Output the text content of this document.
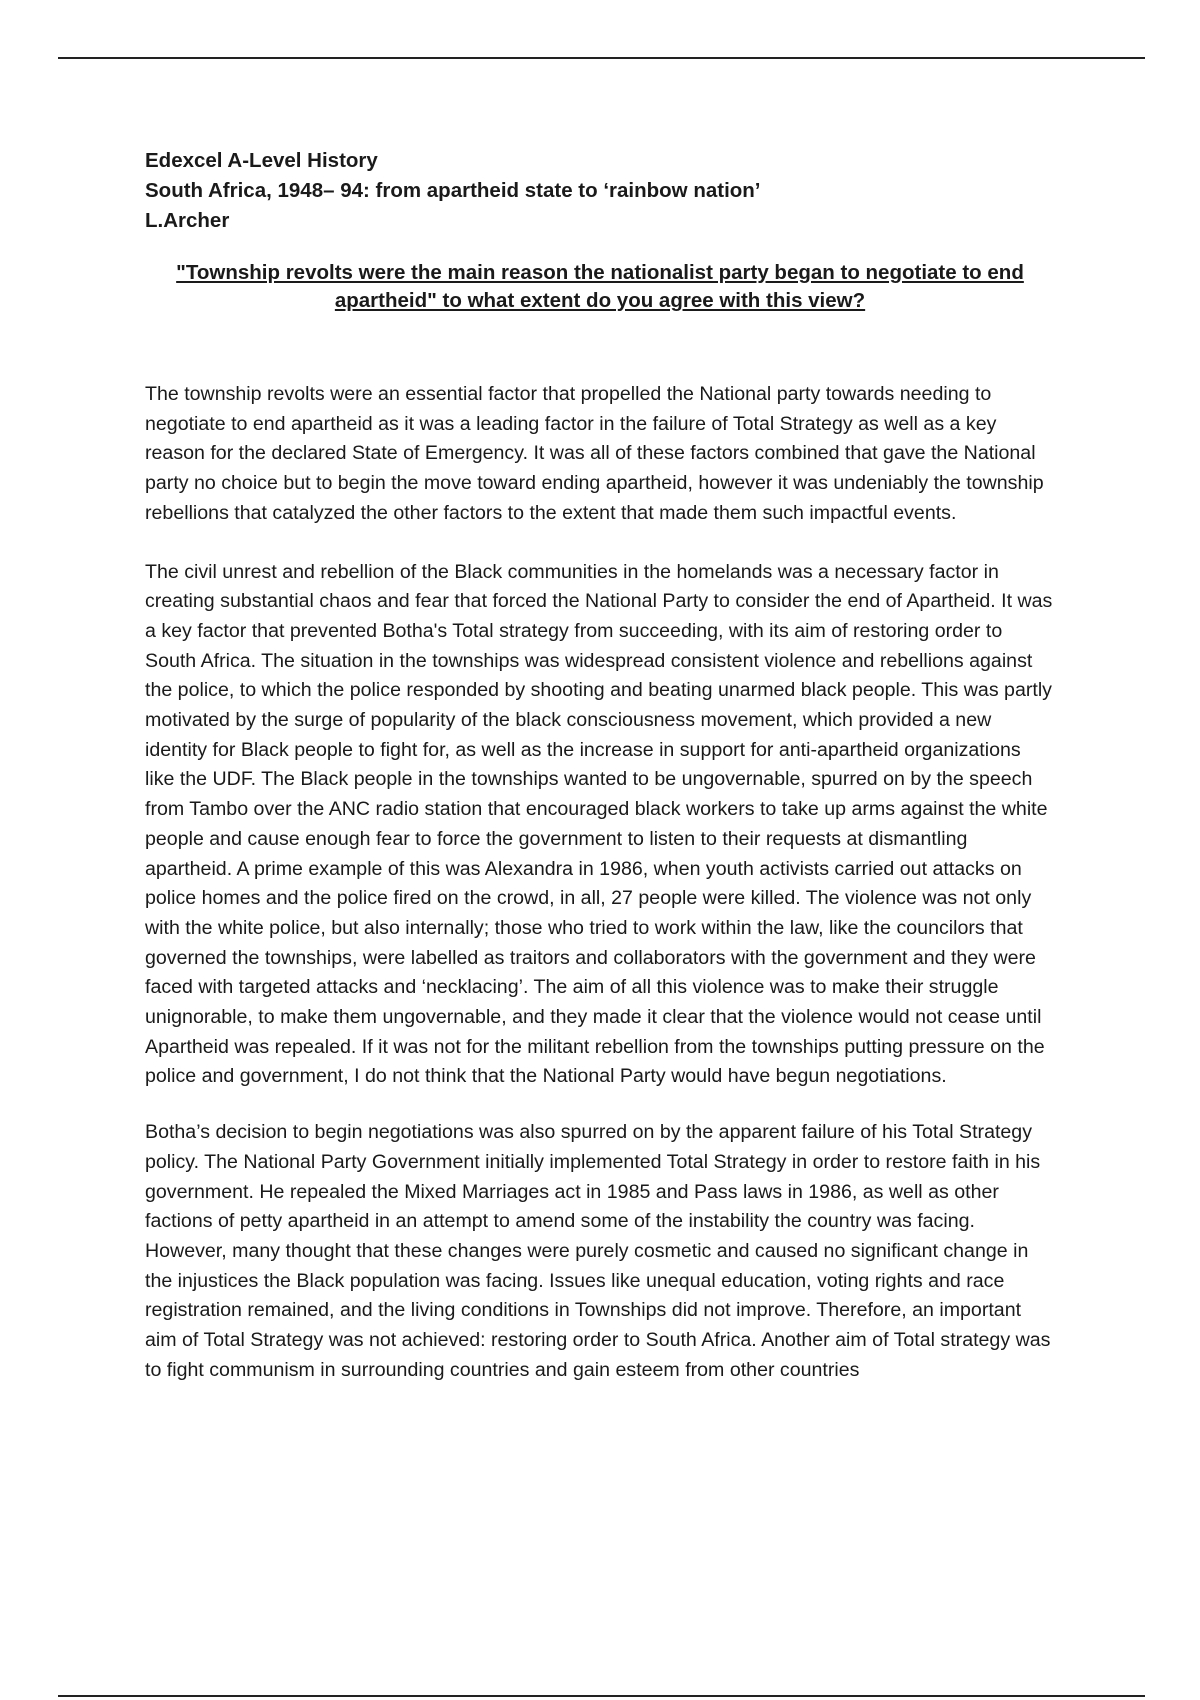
Edexcel A-Level History

South Africa, 1948– 94: from apartheid state to ‘rainbow nation’

L.Archer

"Township revolts were the main reason the nationalist party began to negotiate to end apartheid" to what extent do you agree with this view?

The township revolts were an essential factor that propelled the National party towards needing to negotiate to end apartheid as it was a leading factor in the failure of Total Strategy as well as a key reason for the declared State of Emergency. It was all of these factors combined that gave the National party no choice but to begin the move toward ending apartheid, however it was undeniably the township rebellions that catalyzed the other factors to the extent that made them such impactful events.

The civil unrest and rebellion of the Black communities in the homelands was a necessary factor in creating substantial chaos and fear that forced the National Party to consider the end of Apartheid. It was a key factor that prevented Botha's Total strategy from succeeding, with its aim of restoring order to South Africa. The situation in the townships was widespread consistent violence and rebellions against the police, to which the police responded by shooting and beating unarmed black people. This was partly motivated by the surge of popularity of the black consciousness movement, which provided a new identity for Black people to fight for, as well as the increase in support for anti-apartheid organizations like the UDF. The Black people in the townships wanted to be ungovernable, spurred on by the speech from Tambo over the ANC radio station that encouraged black workers to take up arms against the white people and cause enough fear to force the government to listen to their requests at dismantling apartheid. A prime example of this was Alexandra in 1986, when youth activists carried out attacks on police homes and the police fired on the crowd, in all, 27 people were killed. The violence was not only with the white police, but also internally; those who tried to work within the law, like the councilors that governed the townships, were labelled as traitors and collaborators with the government and they were faced with targeted attacks and ‘necklacing’. The aim of all this violence was to make their struggle unignorable, to make them ungovernable, and they made it clear that the violence would not cease until Apartheid was repealed. If it was not for the militant rebellion from the townships putting pressure on the police and government, I do not think that the National Party would have begun negotiations.

Botha’s decision to begin negotiations was also spurred on by the apparent failure of his Total Strategy policy. The National Party Government initially implemented Total Strategy in order to restore faith in his government. He repealed the Mixed Marriages act in 1985 and Pass laws in 1986, as well as other factions of petty apartheid in an attempt to amend some of the instability the country was facing. However, many thought that these changes were purely cosmetic and caused no significant change in the injustices the Black population was facing. Issues like unequal education, voting rights and race registration remained, and the living conditions in Townships did not improve. Therefore, an important aim of Total Strategy was not achieved: restoring order to South Africa. Another aim of Total strategy was to fight communism in surrounding countries and gain esteem from other countries
